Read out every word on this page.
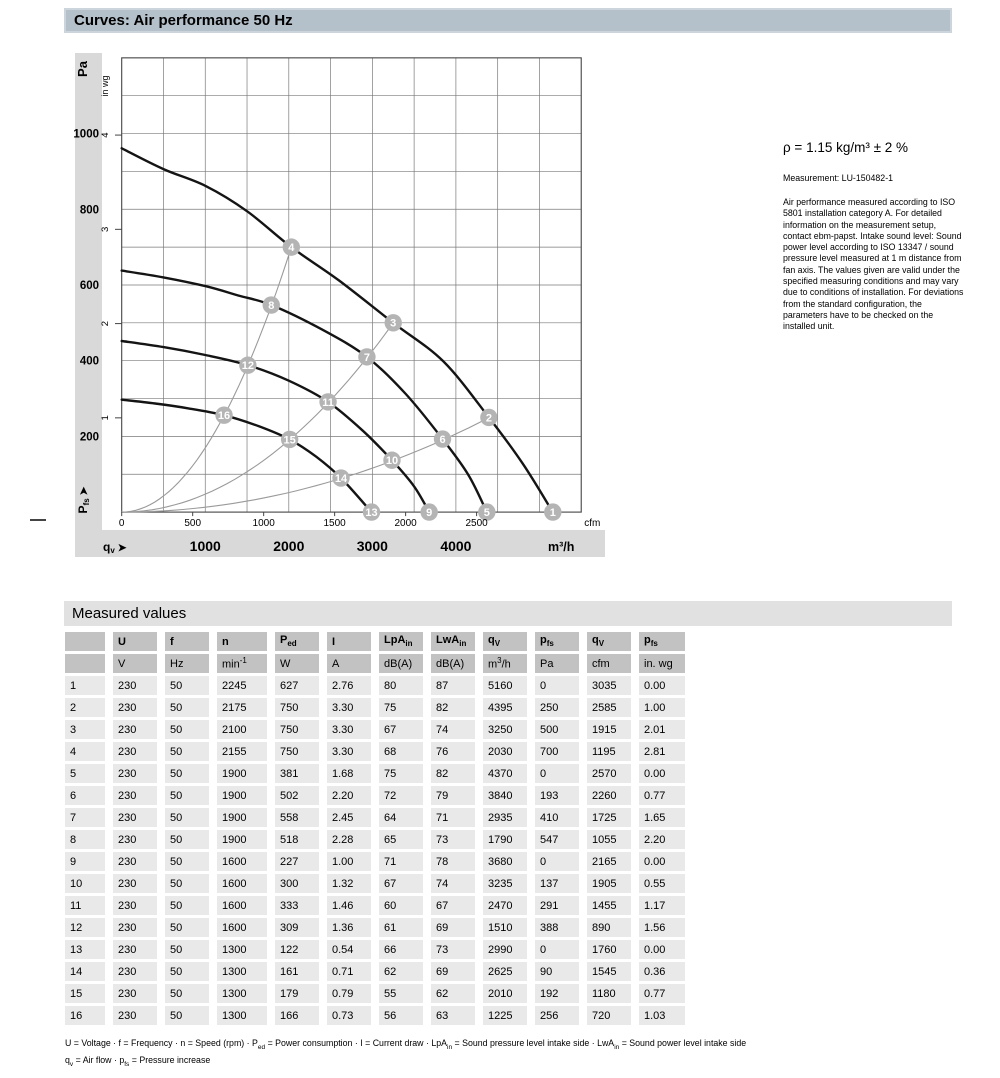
Curves: Air performance 50 Hz
1
2
3
4
5
6
7
8
9
10
11
12
13
14
15
16
Pa
in wg
200
400
600
800
1000
1
2
3
4
Pfs ➤
0	500	1000	1500	2000	2500	cfm
qv ➤	1000	2000	3000	4000	m³/h

ρ = 1.15 kg/m³ ± 2 %

Measurement: LU-150482-1

Air performance measured according to ISO 5801 installation category A. For detailed information on the measurement setup, contact ebm-papst. Intake sound level: Sound power level according to ISO 13347 / sound pressure level measured at 1 m distance from fan axis. The values given are valid under the specified measuring conditions and may vary due to conditions of installation. For deviations from the standard configuration, the parameters have to be checked on the installed unit.

Measured values
	U	f	n	$P_{ed}$	I	LpA$_{in}$	LwA$_{in}$	$q_V$	$p_{fs}$	$q_V$	$p_{fs}$
	V	Hz	$\min^{-1}$	W	A	dB(A)	dB(A)	$m^3/h$	Pa	cfm	in. wg
1	230	50	2245	627	2.76	80	87	5160	0	3035	0.00
2	230	50	2175	750	3.30	75	82	4395	250	2585	1.00
3	230	50	2100	750	3.30	67	74	3250	500	1915	2.01
4	230	50	2155	750	3.30	68	76	2030	700	1195	2.81
5	230	50	1900	381	1.68	75	82	4370	0	2570	0.00
6	230	50	1900	502	2.20	72	79	3840	193	2260	0.77
7	230	50	1900	558	2.45	64	71	2935	410	1725	1.65
8	230	50	1900	518	2.28	65	73	1790	547	1055	2.20
9	230	50	1600	227	1.00	71	78	3680	0	2165	0.00
10	230	50	1600	300	1.32	67	74	3235	137	1905	0.55
11	230	50	1600	333	1.46	60	67	2470	291	1455	1.17
12	230	50	1600	309	1.36	61	69	1510	388	890	1.56
13	230	50	1300	122	0.54	66	73	2990	0	1760	0.00
14	230	50	1300	161	0.71	62	69	2625	90	1545	0.36
15	230	50	1300	179	0.79	55	62	2010	192	1180	0.77
16	230	50	1300	166	0.73	56	63	1225	256	720	1.03
U = Voltage · f = Frequency · n = Speed $(rpm) \cdot P_{ed}$ = Power consumption · I = Current draw · LpA$_{in}$ = Sound pressure level intake side · LwA$_{in}$ = Sound power level intake side
$q_v$ = Air flow · $p_{fs}$ = Pressure increase
